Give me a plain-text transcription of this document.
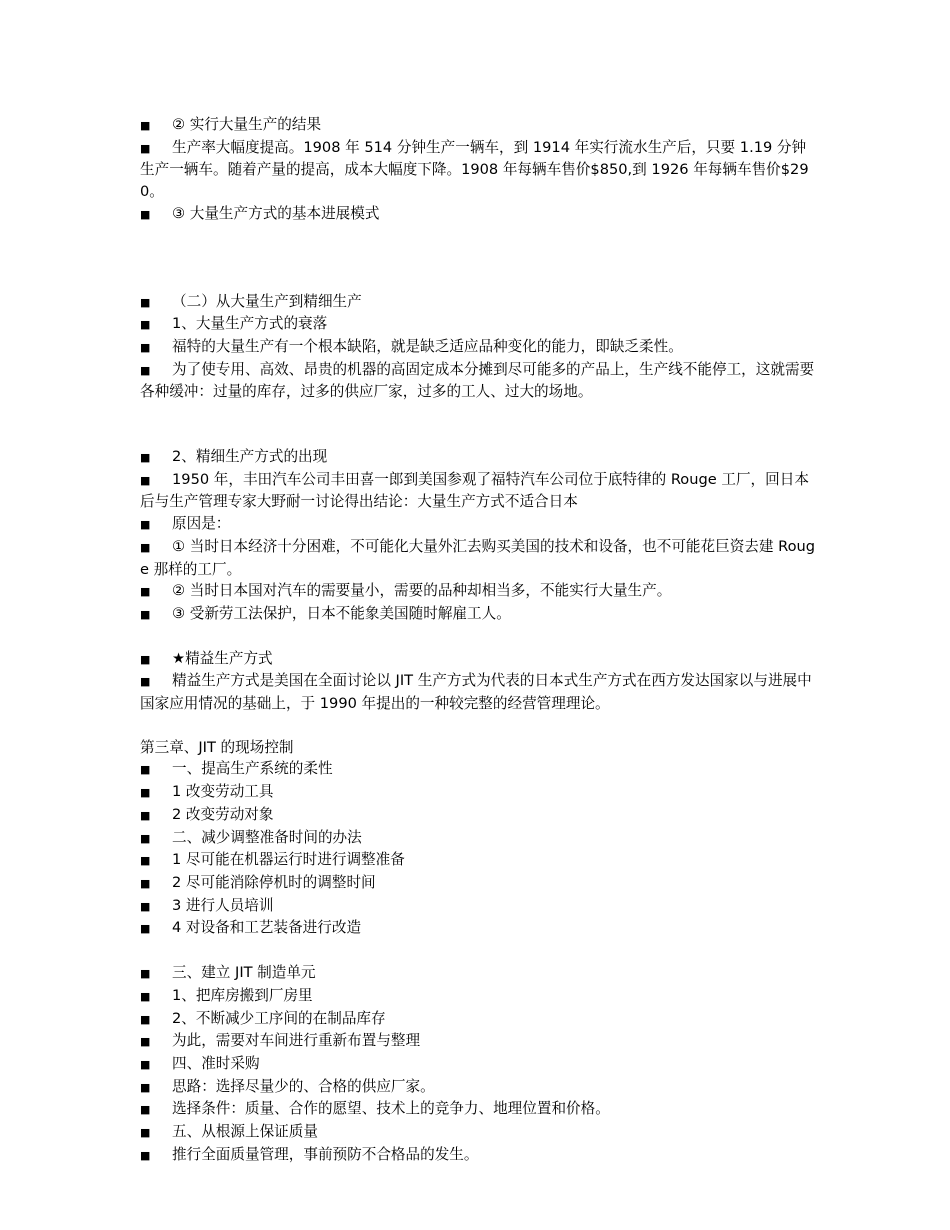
■ ② 实行大量生产的结果

■ 生产率大幅度提高。1908 年 514 分钟生产一辆车，到 1914 年实行流水生产后，只要 1.19 分钟生产一辆车。随着产量的提高，成本大幅度下降。1908 年每辆车售价$850,到 1926 年每辆车售价$290。

■ ③ 大量生产方式的基本进展模式

■ （二）从大量生产到精细生产

■ 1、大量生产方式的衰落

■ 福特的大量生产有一个根本缺陷，就是缺乏适应品种变化的能力，即缺乏柔性。

■ 为了使专用、高效、昂贵的机器的高固定成本分摊到尽可能多的产品上，生产线不能停工，这就需要各种缓冲：过量的库存，过多的供应厂家，过多的工人、过大的场地。

■ 2、精细生产方式的出现

■ 1950 年，丰田汽车公司丰田喜一郎到美国参观了福特汽车公司位于底特律的 Rouge 工厂，回日本后与生产管理专家大野耐一讨论得出结论：大量生产方式不适合日本

■ 原因是：

■ ① 当时日本经济十分困难，不可能化大量外汇去购买美国的技术和设备，也不可能花巨资去建 Rouge 那样的工厂。

■ ② 当时日本国对汽车的需要量小，需要的品种却相当多，不能实行大量生产。

■ ③ 受新劳工法保护，日本不能象美国随时解雇工人。

■ ★精益生产方式

■ 精益生产方式是美国在全面讨论以 JIT 生产方式为代表的日本式生产方式在西方发达国家以与进展中国家应用情况的基础上，于 1990 年提出的一种较完整的经营管理理论。

第三章、JIT 的现场控制

■ 一、提高生产系统的柔性

■ 1 改变劳动工具

■ 2 改变劳动对象

■ 二、减少调整准备时间的办法

■ 1 尽可能在机器运行时进行调整准备

■ 2 尽可能消除停机时的调整时间

■ 3 进行人员培训

■ 4 对设备和工艺装备进行改造

■ 三、建立 JIT 制造单元

■ 1、把库房搬到厂房里

■ 2、不断减少工序间的在制品库存

■ 为此，需要对车间进行重新布置与整理

■ 四、准时采购

■ 思路：选择尽量少的、合格的供应厂家。

■ 选择条件：质量、合作的愿望、技术上的竞争力、地理位置和价格。

■ 五、从根源上保证质量

■ 推行全面质量管理，事前预防不合格品的发生。
